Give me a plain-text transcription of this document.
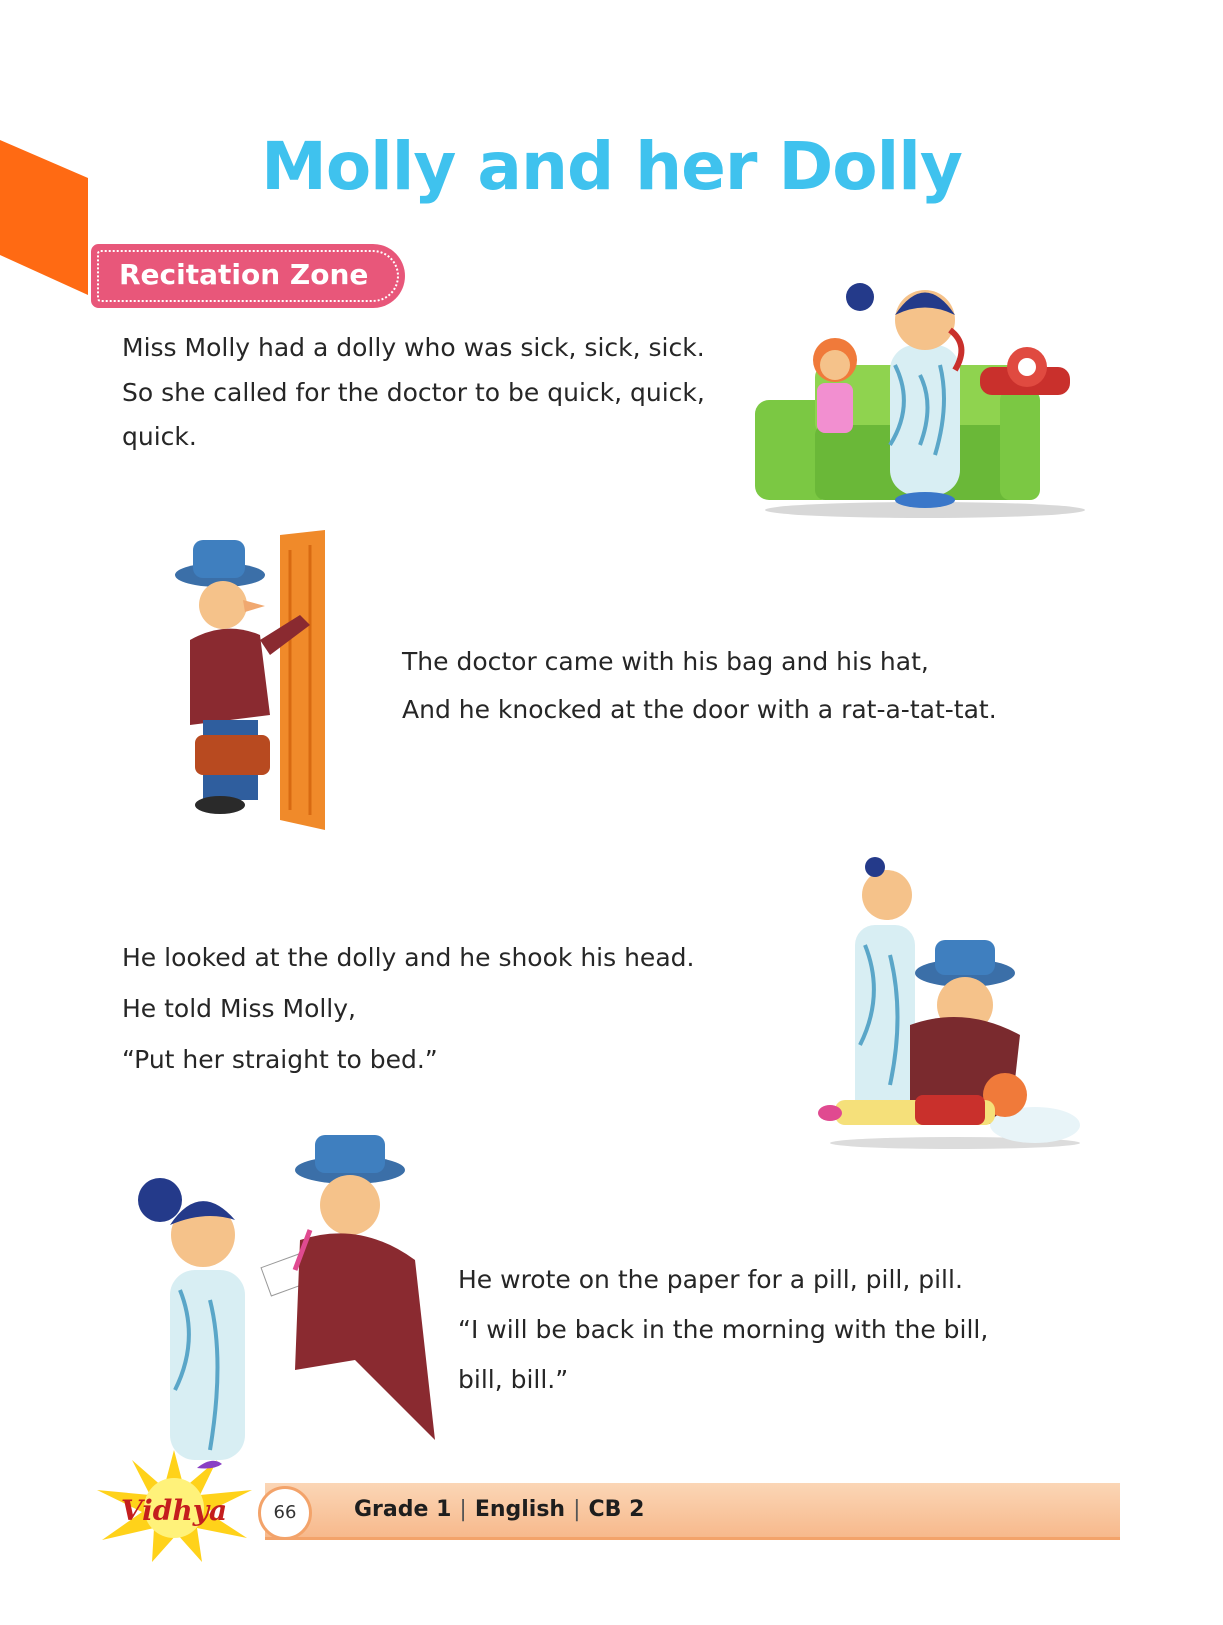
Molly and her Dolly
Recitation Zone
Miss Molly had a dolly who was sick, sick, sick.
So she called for the doctor to be quick, quick,
quick.
The doctor came with his bag and his hat,
And he knocked at the door with a rat-a-tat-tat.
He looked at the dolly and he shook his head.
He told Miss Molly,
“Put her straight to bed.”
He wrote on the paper for a pill, pill, pill.
“I will be back in the morning with the bill,
bill, bill.”
Vidhya	66	Grade 1 | English | CB 2
